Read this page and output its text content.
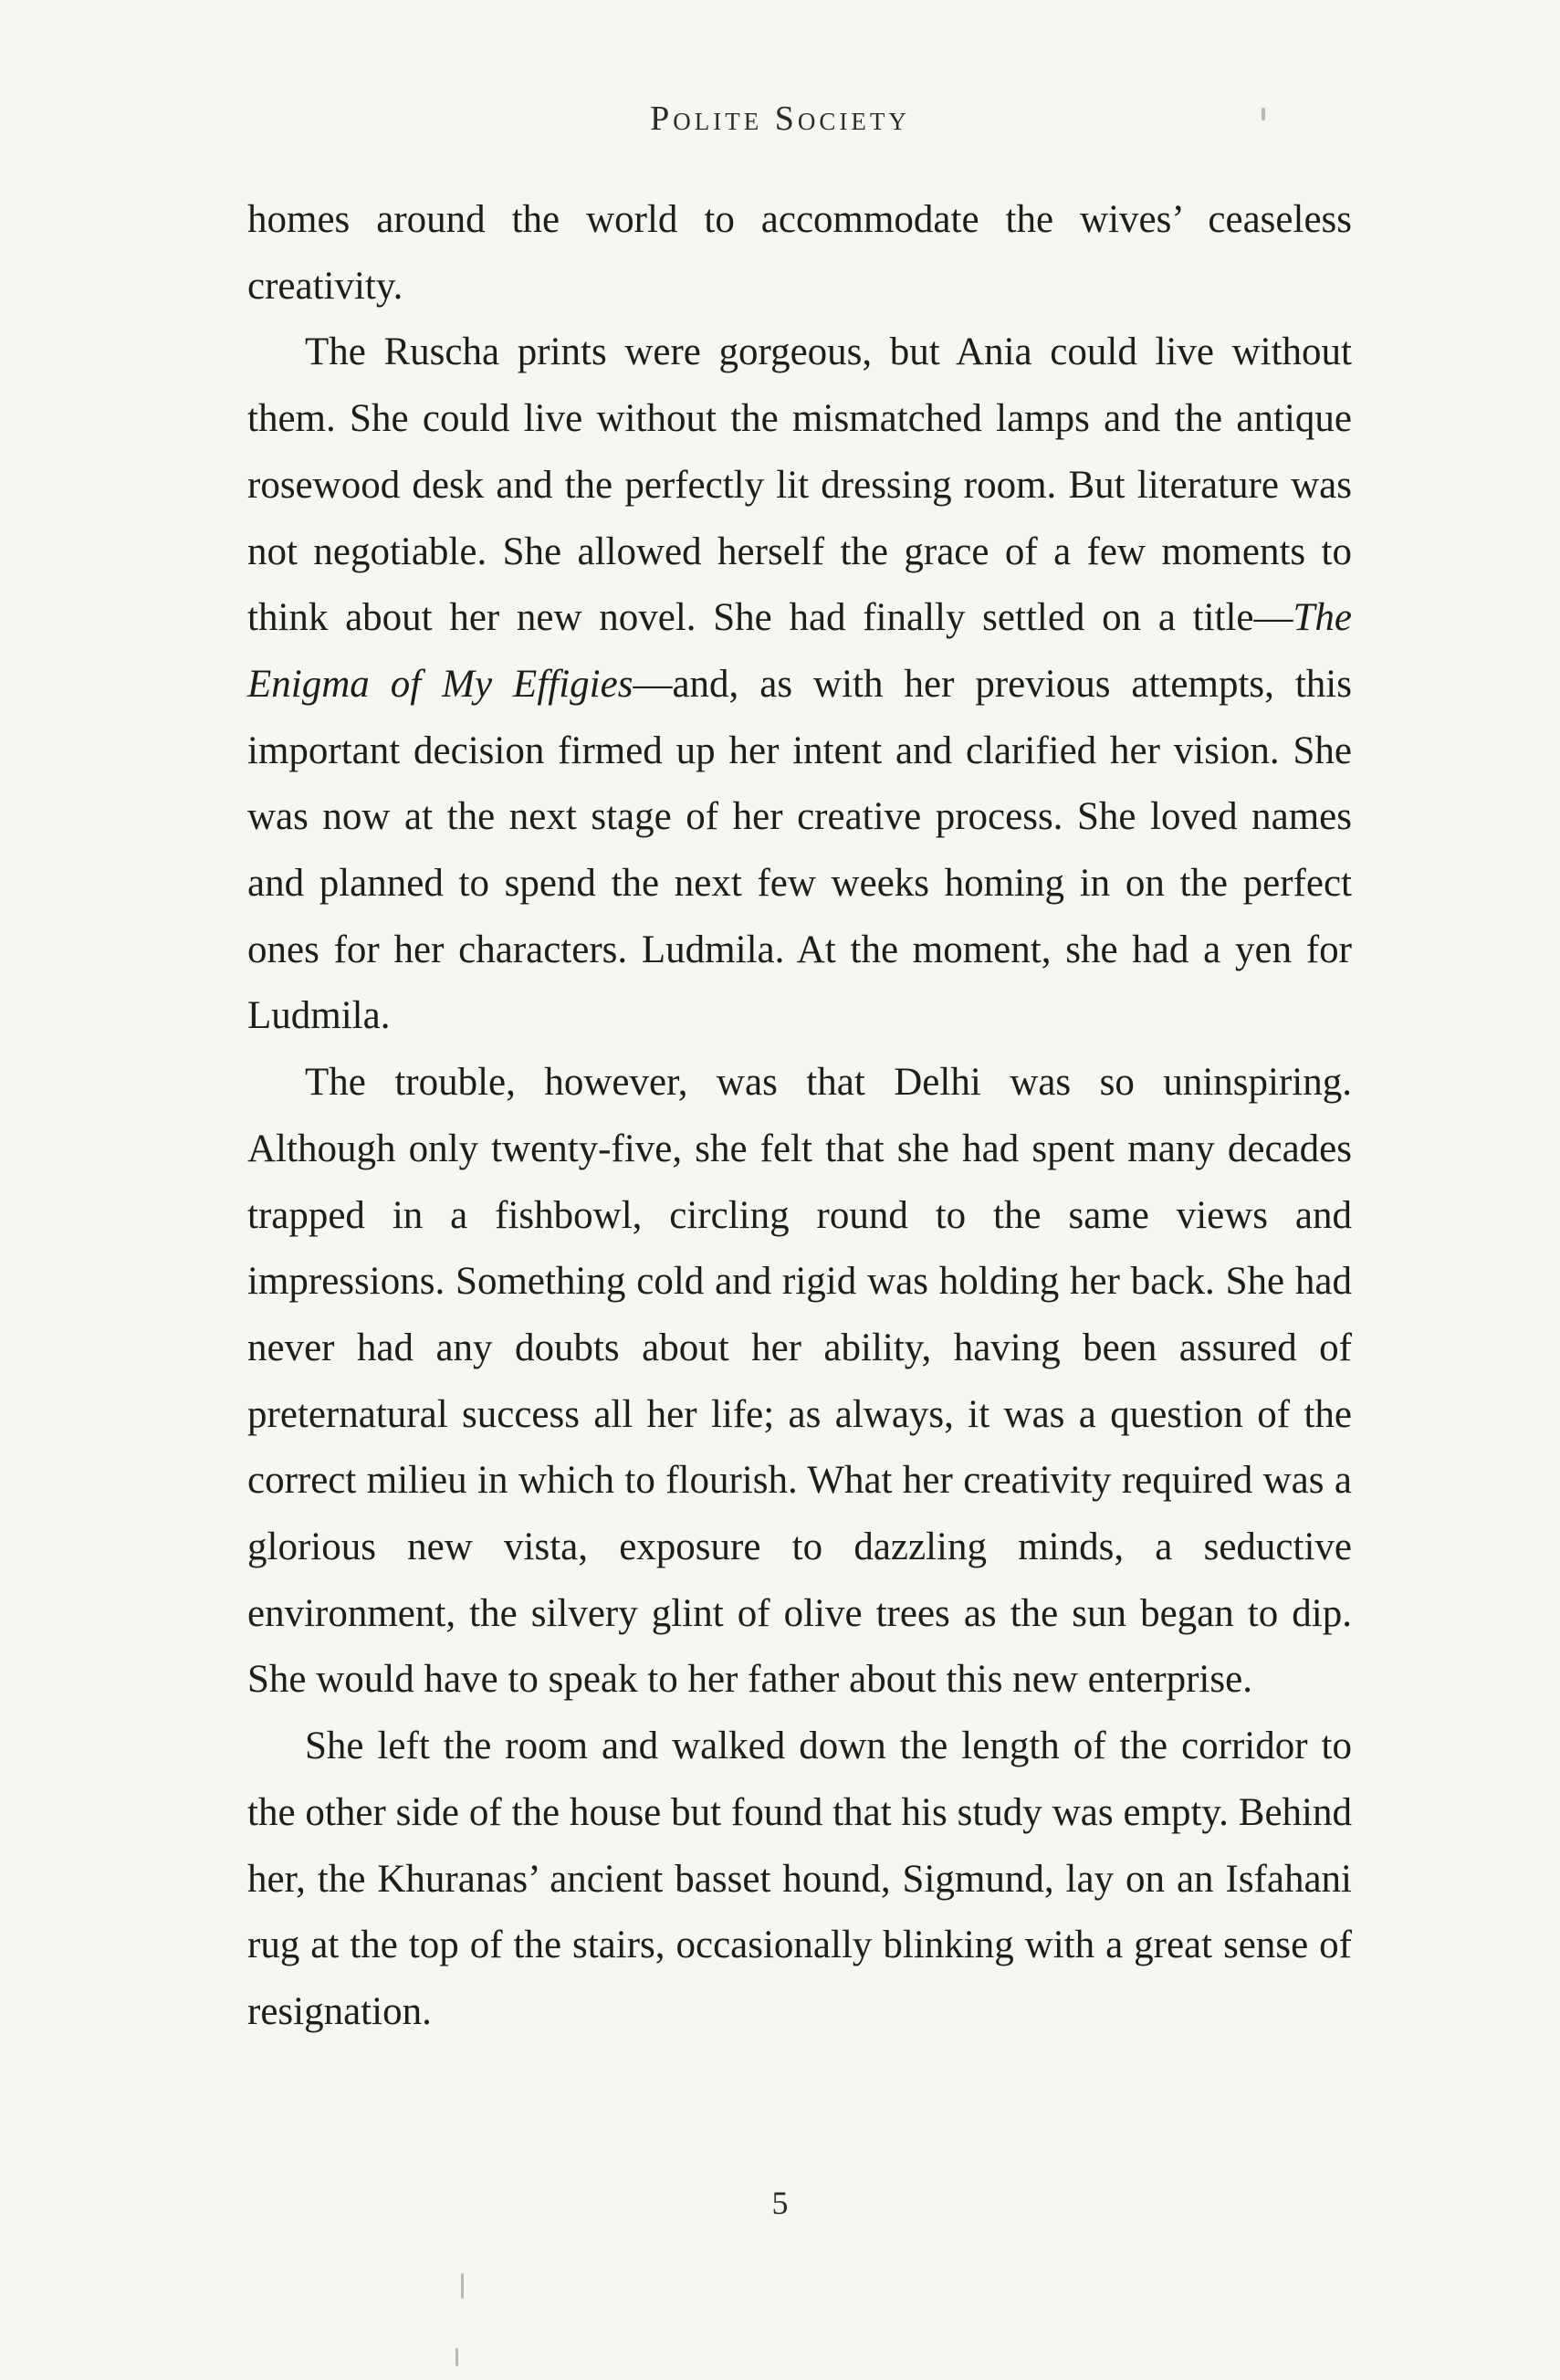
Polite Society

homes around the world to accommodate the wives’ ceaseless creativity.

The Ruscha prints were gorgeous, but Ania could live without them. She could live without the mismatched lamps and the antique rosewood desk and the perfectly lit dressing room. But literature was not negotiable. She allowed herself the grace of a few moments to think about her new novel. She had finally settled on a title—The Enigma of My Effigies—and, as with her previous attempts, this important decision firmed up her intent and clarified her vision. She was now at the next stage of her creative process. She loved names and planned to spend the next few weeks homing in on the perfect ones for her characters. Ludmila. At the moment, she had a yen for Ludmila.

The trouble, however, was that Delhi was so uninspiring. Although only twenty-five, she felt that she had spent many decades trapped in a fishbowl, circling round to the same views and impressions. Something cold and rigid was holding her back. She had never had any doubts about her ability, having been assured of preternatural success all her life; as always, it was a question of the correct milieu in which to flourish. What her creativity required was a glorious new vista, exposure to dazzling minds, a seductive environment, the silvery glint of olive trees as the sun began to dip. She would have to speak to her father about this new enterprise.

She left the room and walked down the length of the corridor to the other side of the house but found that his study was empty. Behind her, the Khuranas’ ancient basset hound, Sigmund, lay on an Isfahani rug at the top of the stairs, occasionally blinking with a great sense of resignation.

5
